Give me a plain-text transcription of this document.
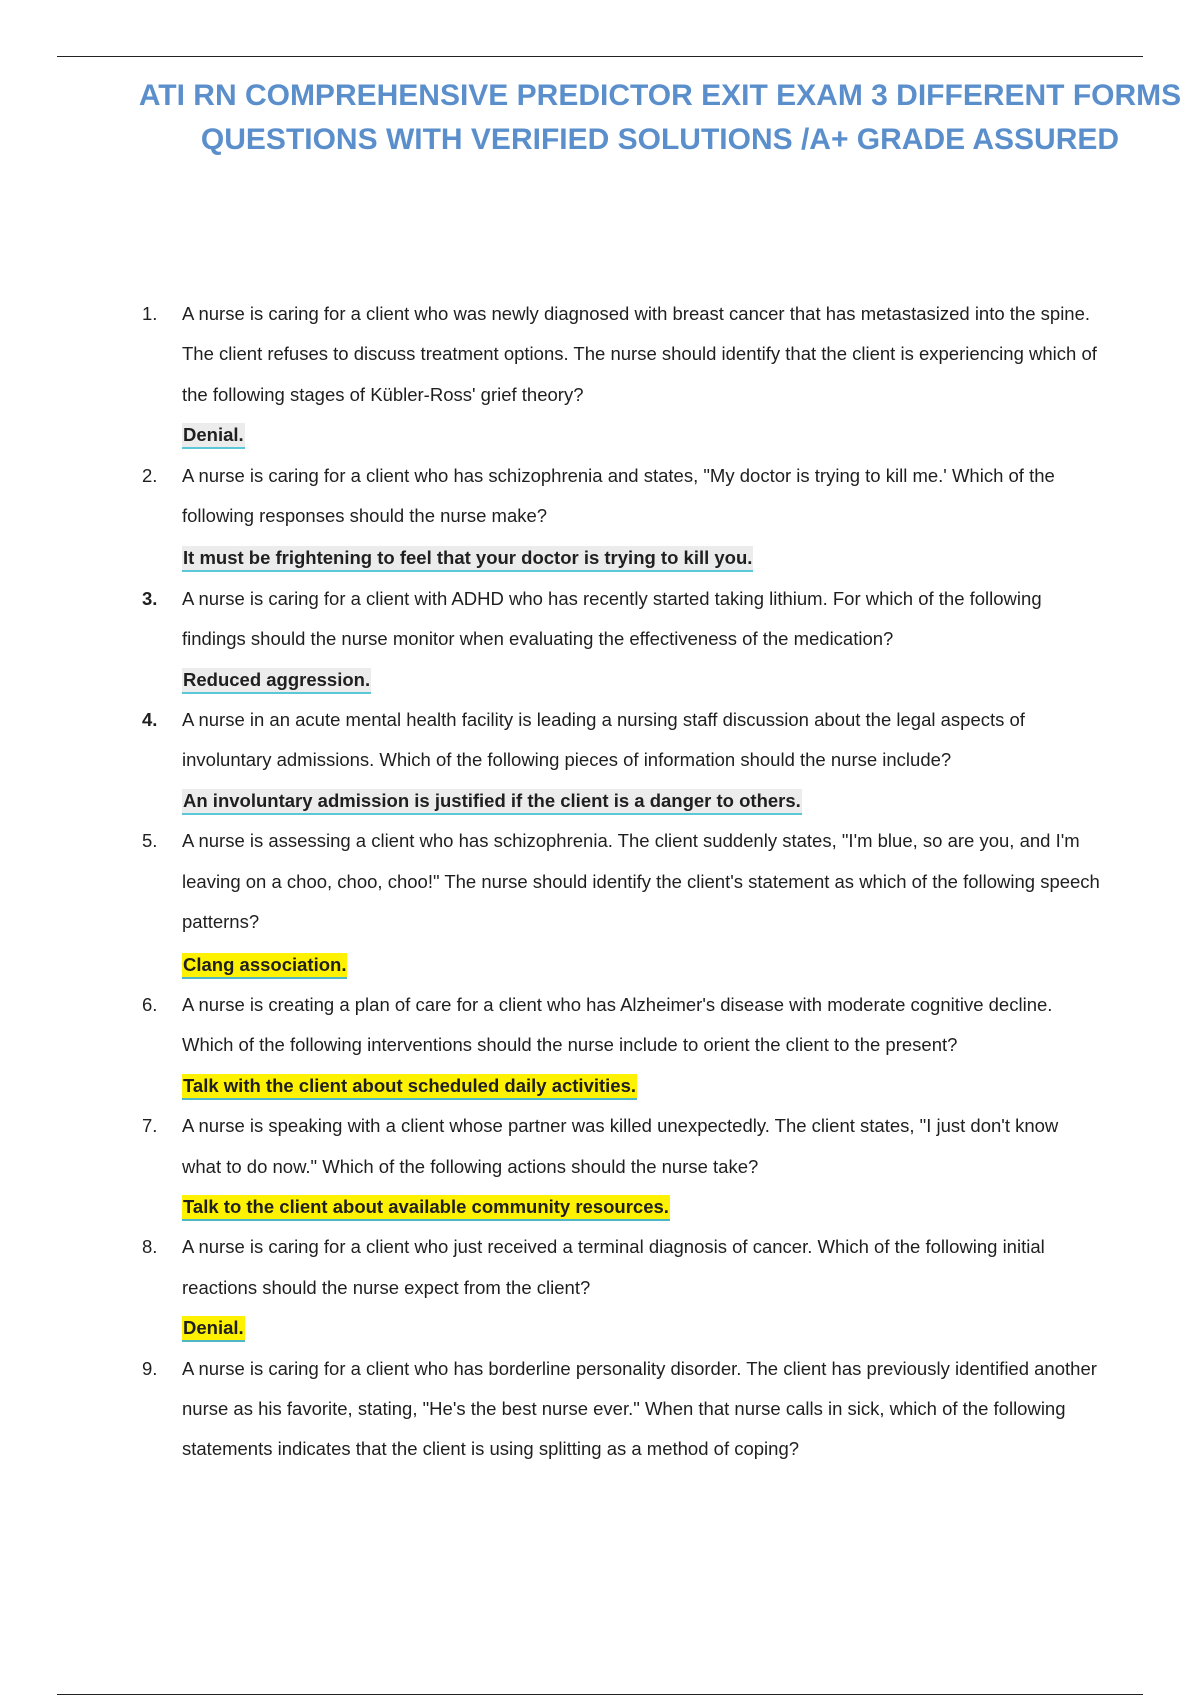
ATI RN COMPREHENSIVE PREDICTOR EXIT EXAM 3 DIFFERENT FORMS
QUESTIONS WITH VERIFIED SOLUTIONS /A+ GRADE ASSURED
1.	A nurse is caring for a client who was newly diagnosed with breast cancer that has metastasized into the spine. The client refuses to discuss treatment options. The nurse should identify that the client is experiencing which of the following stages of Kübler-Ross' grief theory?

Denial.

2.	A nurse is caring for a client who has schizophrenia and states, "My doctor is trying to kill me.' Which of the following responses should the nurse make?

It must be frightening to feel that your doctor is trying to kill you.

3.	A nurse is caring for a client with ADHD who has recently started taking lithium. For which of the following findings should the nurse monitor when evaluating the effectiveness of the medication?

Reduced aggression.

4.	A nurse in an acute mental health facility is leading a nursing staff discussion about the legal aspects of involuntary admissions. Which of the following pieces of information should the nurse include?

An involuntary admission is justified if the client is a danger to others.

5.	A nurse is assessing a client who has schizophrenia. The client suddenly states, "I'm blue, so are you, and I'm leaving on a choo, choo, choo!" The nurse should identify the client's statement as which of the following speech patterns?

Clang association.

6.	A nurse is creating a plan of care for a client who has Alzheimer's disease with moderate cognitive decline. Which of the following interventions should the nurse include to orient the client to the present?

Talk with the client about scheduled daily activities.

7.	A nurse is speaking with a client whose partner was killed unexpectedly. The client states, "I just don't know what to do now." Which of the following actions should the nurse take?

Talk to the client about available community resources.

8.	A nurse is caring for a client who just received a terminal diagnosis of cancer. Which of the following initial reactions should the nurse expect from the client?

Denial.

9.	A nurse is caring for a client who has borderline personality disorder. The client has previously identified another nurse as his favorite, stating, "He's the best nurse ever." When that nurse calls in sick, which of the following statements indicates that the client is using splitting as a method of coping?
